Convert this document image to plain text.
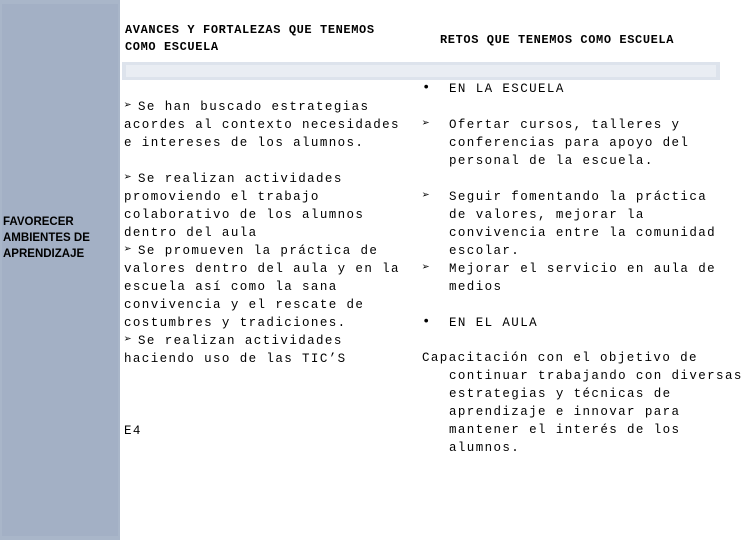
FAVORECER
AMBIENTES DE
APRENDIZAJE
AVANCES Y FORTALEZAS QUE TENEMOS COMO ESCUELA	RETOS QUE TENEMOS COMO ESCUELA
➢ Se han buscado estrategias acordes al contexto necesidades e intereses de los alumnos.
➢ Se realizan actividades promoviendo el trabajo colaborativo de los alumnos dentro del aula
➢ Se promueven la práctica de valores dentro del aula y en la escuela así como la sana convivencia y el rescate de costumbres y tradiciones.
➢ Se realizan actividades haciendo uso de las TIC’S
E4
• EN LA ESCUELA
➢ Ofertar cursos, talleres y conferencias para apoyo del personal de la escuela.
➢ Seguir fomentando la práctica de valores, mejorar la convivencia entre la comunidad escolar.
➢ Mejorar el servicio en aula de medios
• EN EL AULA
Capacitación con el objetivo de continuar trabajando con diversas estrategias y técnicas de aprendizaje e innovar para mantener el interés de los alumnos.
